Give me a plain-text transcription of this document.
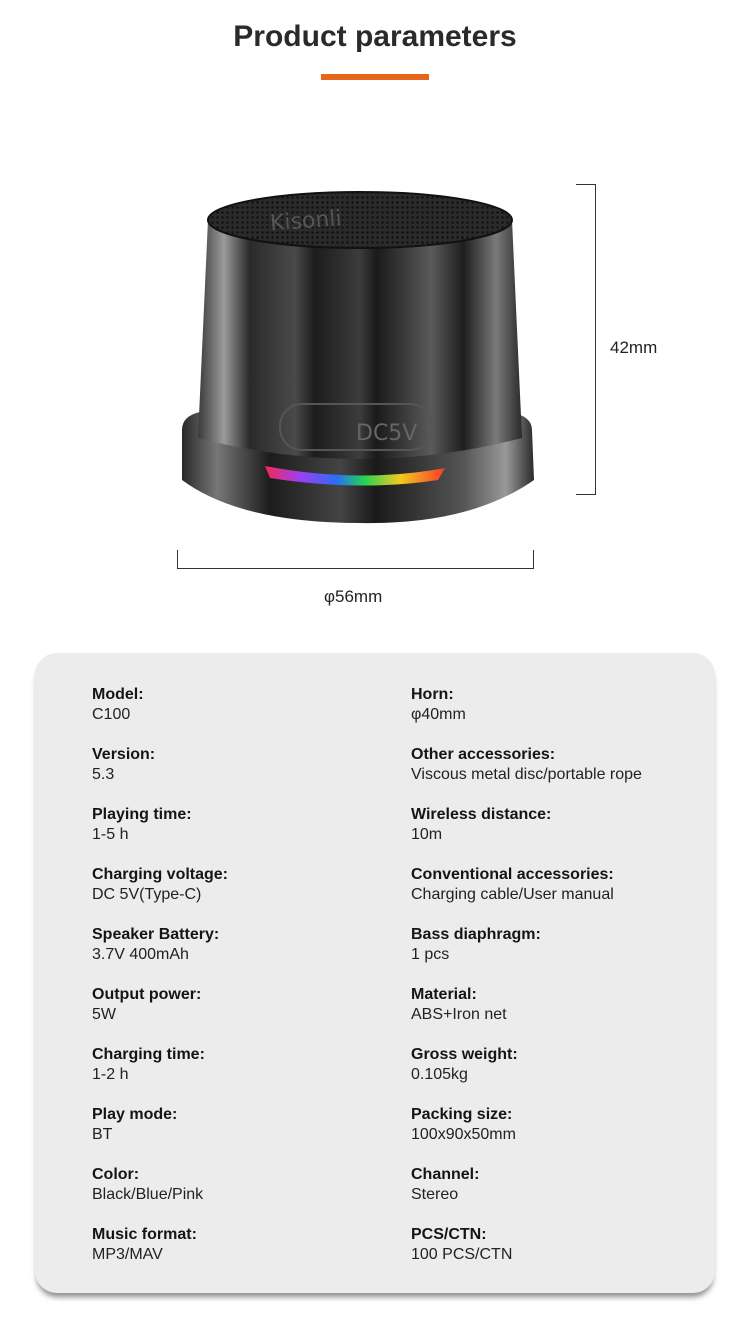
Product parameters
Kisonli
DC5V
42mm
φ56mm
Model:
C100
Version:
5.3
Playing time:
1-5 h
Charging voltage:
DC 5V(Type-C)
Speaker Battery:
3.7V 400mAh
Output power:
5W
Charging time:
1-2 h
Play mode:
BT
Color:
Black/Blue/Pink
Music format:
MP3/MAV
Horn:
φ40mm
Other accessories:
Viscous metal disc/portable rope
Wireless distance:
10m
Conventional accessories:
Charging cable/User manual
Bass diaphragm:
1 pcs
Material:
ABS+Iron net
Gross weight:
0.105kg
Packing size:
100x90x50mm
Channel:
Stereo
PCS/CTN:
100 PCS/CTN
